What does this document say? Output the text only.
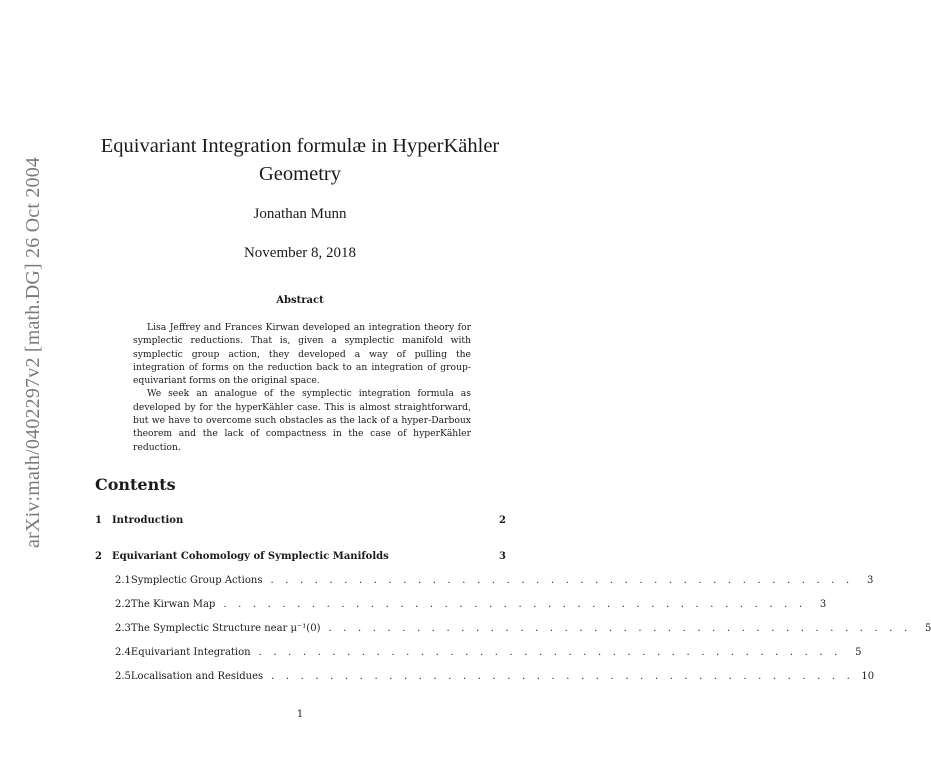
arXiv:math/0402297v2 [math.DG] 26 Oct 2004
Equivariant Integration formulæ in HyperKähler
Geometry
Jonathan Munn
November 8, 2018
Abstract

Lisa Jeffrey and Frances Kirwan developed an integration theory for symplectic reductions. That is, given a symplectic manifold with symplectic group action, they developed a way of pulling the integration of forms on the reduction back to an integration of group-equivariant forms on the original space.

We seek an analogue of the symplectic integration formula as developed by for the hyperKähler case. This is almost straightforward, but we have to overcome such obstacles as the lack of a hyper-Darboux theorem and the lack of compactness in the case of hyperKähler reduction.

Contents
1	Introduction	2
2	Equivariant Cohomology of Symplectic Manifolds	3
2.1 Symplectic Group Actions . . . . . . . . . . . . . . . . . . . . . . . . . . . . . . . . . . . . . . . .	3
2.2 The Kirwan Map . . . . . . . . . . . . . . . . . . . . . . . . . . . . . . . . . . . . . . . .	3
2.3 The Symplectic Structure near μ⁻¹(0) . . . . . . . . . . . . . . . . . . . . . . . . . . . . . . . . . . . . . . . .	5
2.4 Equivariant Integration . . . . . . . . . . . . . . . . . . . . . . . . . . . . . . . . . . . . . . . .	5
2.5 Localisation and Residues . . . . . . . . . . . . . . . . . . . . . . . . . . . . . . . . . . . . . . . . 10
1
